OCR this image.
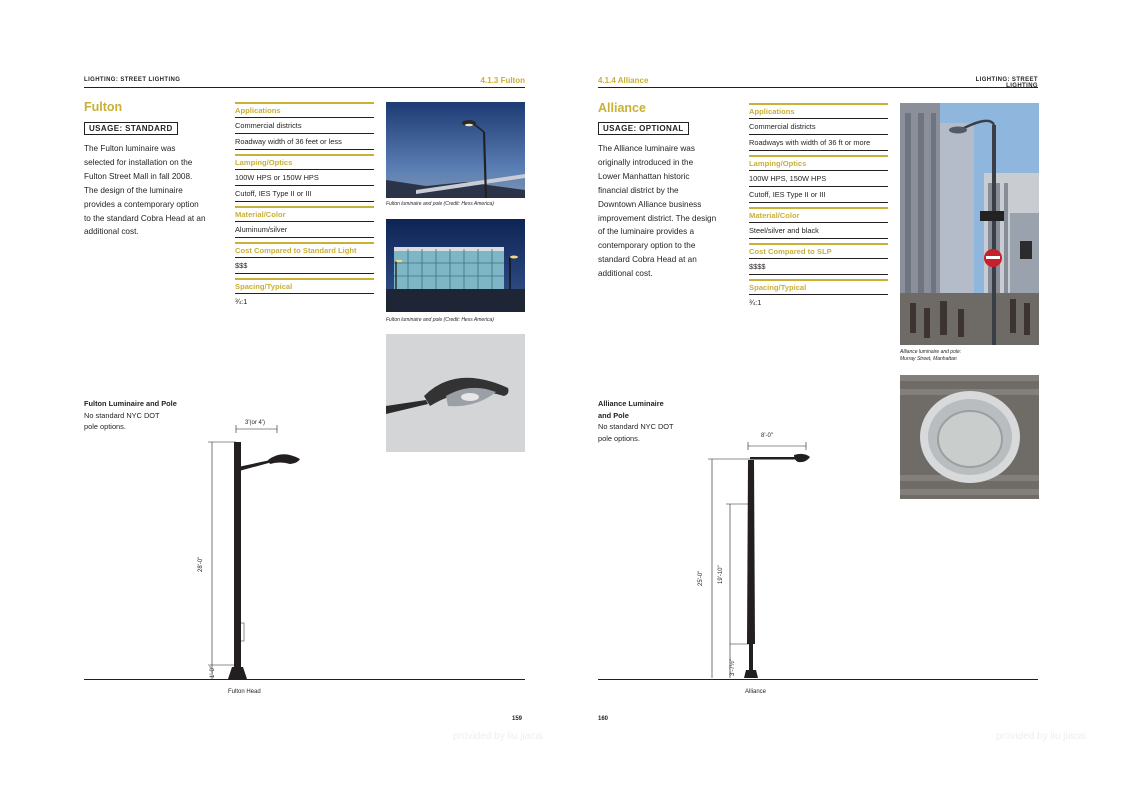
LIGHTING: STREET LIGHTING	4.1.3 Fulton
Fulton
USAGE: STANDARD
The Fulton luminaire was
selected for installation on the
Fulton Street Mall in fall 2008.
The design of the luminaire
provides a contemporary option
to the standard Cobra Head at an
additional cost.
Applications
Commercial districts
Roadway width of 36 feet or less
Lamping/Optics
100W HPS or 150W HPS
Cutoff, IES Type II or III
Material/Color
Aluminum/silver
Cost Compared to Standard Light
$$$
Spacing/Typical
¾:1
Fulton luminaire and pole (Credit: Hess America)
Fulton luminaire and pole (Credit: Hess America)
Fulton Luminaire and Pole
No standard NYC DOT
pole options.	3'(or 4')
28'-0"
1'-0"
Fulton Head
159
provided by liu jiacai
4.1.4 Alliance	LIGHTING: STREET LIGHTING
Alliance
USAGE: OPTIONAL
The Alliance luminaire was
originally introduced in the
Lower Manhattan historic
financial district by the
Downtown Alliance business
improvement district. The design
of the luminaire provides a
contemporary option to the
standard Cobra Head at an
additional cost.
Applications
Commercial districts
Roadways with width of 36 ft or more
Lamping/Optics
100W HPS, 150W HPS
Cutoff, IES Type II or III
Material/Color
Steel/silver and black
Cost Compared to SLP
$$$$
Spacing/Typical
¾:1
Alliance luminaire and pole:
Murray Street, Manhattan
Alliance Luminaire
and Pole
No standard NYC DOT
pole options.	8'-0"
25'-0" 19'-10"
3'-7½"
Alliance
160
provided by liu jiacai
